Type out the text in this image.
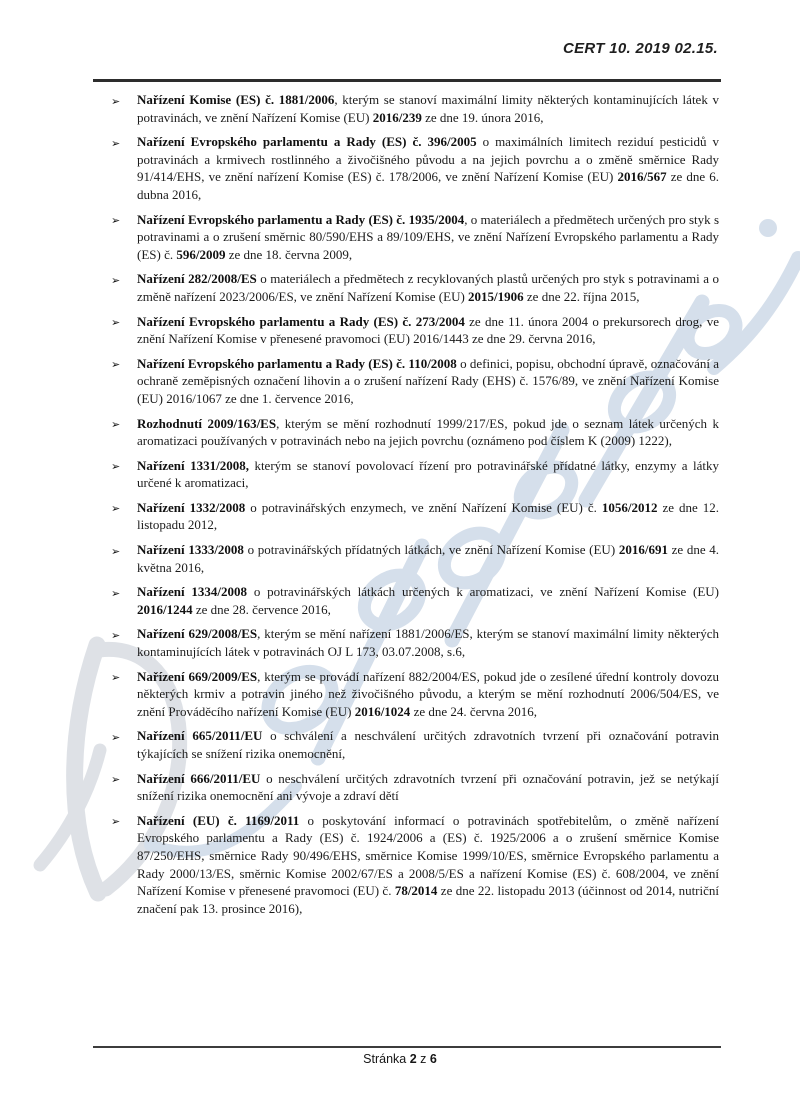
CERT 10. 2019 02.15.
➢ Nařízení Komise (ES) č. 1881/2006, kterým se stanoví maximální limity některých kontaminujících látek v potravinách, ve znění Nařízení Komise (EU) 2016/239 ze dne 19. února 2016,
➢ Nařízení Evropského parlamentu a Rady (ES) č. 396/2005 o maximálních limitech reziduí pesticidů v potravinách a krmivech rostlinného a živočišného původu a na jejich povrchu a o změně směrnice Rady 91/414/EHS, ve znění nařízení Komise (ES) č. 178/2006, ve znění Nařízení Komise (EU) 2016/567 ze dne 6. dubna 2016,
➢ Nařízení Evropského parlamentu a Rady (ES) č. 1935/2004, o materiálech a předmětech určených pro styk s potravinami a o zrušení směrnic 80/590/EHS a 89/109/EHS, ve znění Nařízení Evropského parlamentu a Rady (ES) č. 596/2009 ze dne 18. června 2009,
➢ Nařízení 282/2008/ES o materiálech a předmětech z recyklovaných plastů určených pro styk s potravinami a o změně nařízení 2023/2006/ES, ve znění Nařízení Komise (EU) 2015/1906 ze dne 22. října 2015,
➢ Nařízení Evropského parlamentu a Rady (ES) č. 273/2004 ze dne 11. února 2004 o prekursorech drog, ve znění Nařízení Komise v přenesené pravomoci (EU) 2016/1443 ze dne 29. června 2016,
➢ Nařízení Evropského parlamentu a Rady (ES) č. 110/2008 o definici, popisu, obchodní úpravě, označování a ochraně zeměpisných označení lihovin a o zrušení nařízení Rady (EHS) č. 1576/89, ve znění Nařízení Komise (EU) 2016/1067 ze dne 1. července 2016,
➢ Rozhodnutí 2009/163/ES, kterým se mění rozhodnutí 1999/217/ES, pokud jde o seznam látek určených k aromatizaci používaných v potravinách nebo na jejich povrchu (oznámeno pod číslem K (2009) 1222),
➢ Nařízení 1331/2008, kterým se stanoví povolovací řízení pro potravinářské přídatné látky, enzymy a látky určené k aromatizaci,
➢ Nařízení 1332/2008 o potravinářských enzymech, ve znění Nařízení Komise (EU) č. 1056/2012 ze dne 12. listopadu 2012,
➢ Nařízení 1333/2008 o potravinářských přídatných látkách, ve znění Nařízení Komise (EU) 2016/691 ze dne 4. května 2016,
➢ Nařízení 1334/2008 o potravinářských látkách určených k aromatizaci, ve znění Nařízení Komise (EU) 2016/1244 ze dne 28. července 2016,
➢ Nařízení 629/2008/ES, kterým se mění nařízení 1881/2006/ES, kterým se stanoví maximální limity některých kontaminujících látek v potravinách OJ L 173, 03.07.2008, s.6,
➢ Nařízení 669/2009/ES, kterým se provádí nařízení 882/2004/ES, pokud jde o zesílené úřední kontroly dovozu některých krmiv a potravin jiného než živočišného původu, a kterým se mění rozhodnutí 2006/504/ES, ve znění Prováděcího nařízení Komise (EU) 2016/1024 ze dne 24. června 2016,
➢ Nařízení 665/2011/EU o schválení a neschválení určitých zdravotních tvrzení při označování potravin týkajících se snížení rizika onemocnění,
➢ Nařízení 666/2011/EU o neschválení určitých zdravotních tvrzení při označování potravin, jež se netýkají snížení rizika onemocnění ani vývoje a zdraví dětí
➢ Nařízení (EU) č. 1169/2011 o poskytování informací o potravinách spotřebitelům, o změně nařízení Evropského parlamentu a Rady (ES) č. 1924/2006 a (ES) č. 1925/2006 a o zrušení směrnice Komise 87/250/EHS, směrnice Rady 90/496/EHS, směrnice Komise 1999/10/ES, směrnice Evropského parlamentu a Rady 2000/13/ES, směrnic Komise 2002/67/ES a 2008/5/ES a nařízení Komise (ES) č. 608/2004, ve znění Nařízení Komise v přenesené pravomoci (EU) č. 78/2014 ze dne 22. listopadu 2013 (účinnost od 2014, nutriční značení pak 13. prosince 2016),
Stránka 2 z 6
